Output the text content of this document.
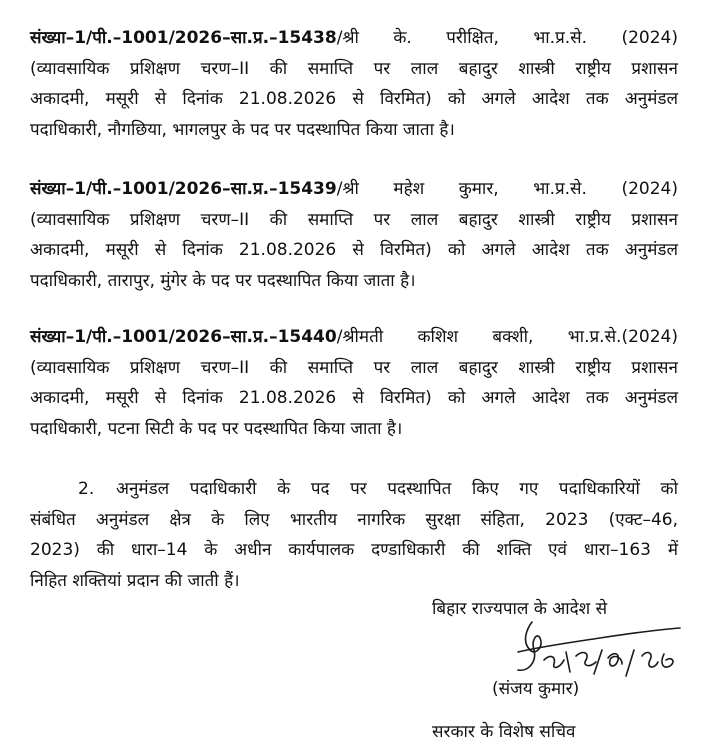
संख्या–1/पी.–1001/2026–सा.प्र.–15438/श्री के. परीक्षित, भा.प्र.से. (2024)
(व्यावसायिक प्रशिक्षण चरण–II की समाप्ति पर लाल बहादुर शास्त्री राष्ट्रीय प्रशासन
अकादमी, मसूरी से दिनांक 21.08.2026 से विरमित) को अगले आदेश तक अनुमंडल
पदाधिकारी, नौगछिया, भागलपुर के पद पर पदस्थापित किया जाता है।
संख्या–1/पी.–1001/2026–सा.प्र.–15439/श्री महेश कुमार, भा.प्र.से. (2024)
(व्यावसायिक प्रशिक्षण चरण–II की समाप्ति पर लाल बहादुर शास्त्री राष्ट्रीय प्रशासन
अकादमी, मसूरी से दिनांक 21.08.2026 से विरमित) को अगले आदेश तक अनुमंडल
पदाधिकारी, तारापुर, मुंगेर के पद पर पदस्थापित किया जाता है।
संख्या–1/पी.–1001/2026–सा.प्र.–15440/श्रीमती कशिश बक्शी, भा.प्र.से.(2024)
(व्यावसायिक प्रशिक्षण चरण–II की समाप्ति पर लाल बहादुर शास्त्री राष्ट्रीय प्रशासन
अकादमी, मसूरी से दिनांक 21.08.2026 से विरमित) को अगले आदेश तक अनुमंडल
पदाधिकारी, पटना सिटी के पद पर पदस्थापित किया जाता है।
2. अनुमंडल पदाधिकारी के पद पर पदस्थापित किए गए पदाधिकारियों को
संबंधित अनुमंडल क्षेत्र के लिए भारतीय नागरिक सुरक्षा संहिता, 2023 (एक्ट–46,
2023) की धारा–14 के अधीन कार्यपालक दण्डाधिकारी की शक्ति एवं धारा–163 में
निहित शक्तियां प्रदान की जाती हैं।
बिहार राज्यपाल के आदेश से
(संजय कुमार)
सरकार के विशेष सचिव
